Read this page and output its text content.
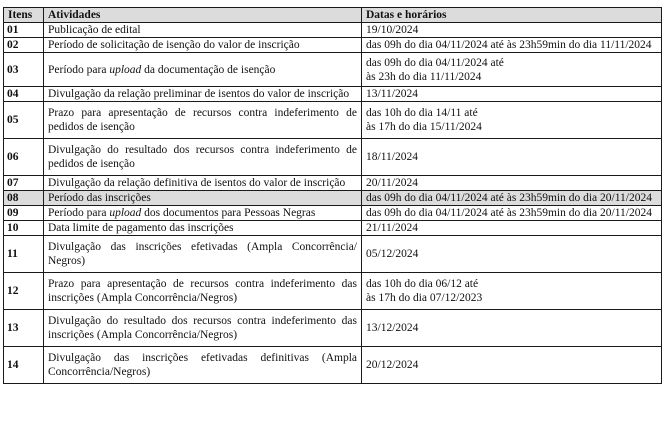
Itens	Atividades	Datas e horários
01	Publicação de edital	19/10/2024

02	Período de solicitação de isenção do valor de inscrição	das 09h do dia 04/11/2024 até às 23h59min do dia 11/11/2024

03	Período para upload da documentação de isenção	das 09h do dia 04/11/2024 até
às 23h do dia 11/11/2024

04	Divulgação da relação preliminar de isentos do valor de inscrição	13/11/2024

05	Prazo para apresentação de recursos contra indeferimento de pedidos de isenção	das 10h do dia 14/11 até
às 17h do dia 15/11/2024

06	Divulgação do resultado dos recursos contra indeferimento de pedidos de isenção	18/11/2024

07	Divulgação da relação definitiva de isentos do valor de inscrição	20/11/2024

08	Período das inscrições	das 09h do dia 04/11/2024 até às 23h59min do dia 20/11/2024

09	Período para upload dos documentos para Pessoas Negras	das 09h do dia 04/11/2024 até às 23h59min do dia 20/11/2024

10	Data limite de pagamento das inscrições	21/11/2024

11	Divulgação das inscrições efetivadas (Ampla Concorrência/ Negros)	05/12/2024

12	Prazo para apresentação de recursos contra indeferimento das inscrições (Ampla Concorrência/Negros)	das 10h do dia 06/12 até
às 17h do dia 07/12/2023

13	Divulgação do resultado dos recursos contra indeferimento das inscrições (Ampla Concorrência/Negros)	13/12/2024

14	Divulgação das inscrições efetivadas definitivas (Ampla Concorrência/Negros)	20/12/2024
